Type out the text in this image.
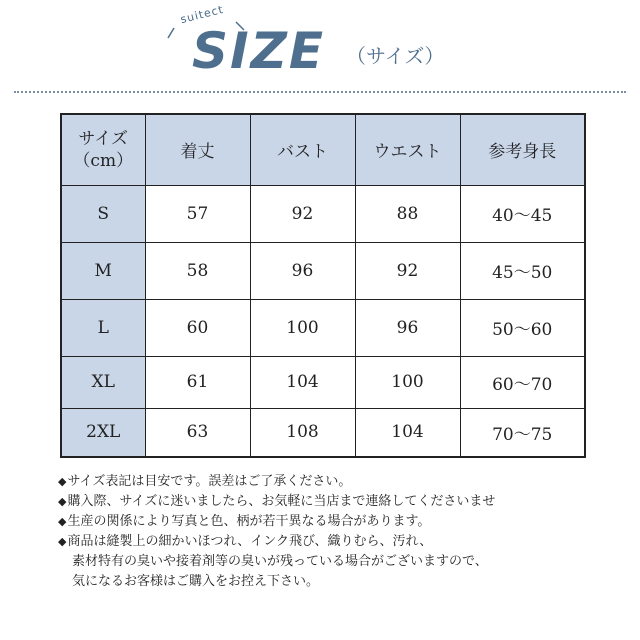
suitect
SIZE （サイズ）
サイズ
（cm）	着丈	バスト	ウエスト	参考身長
S	57	92	88	40～45
M	58	96	92	45～50
L	60	100	96	50～60
XL	61	104	100	60～70
2XL	63	108	104	70～75
◆サイズ表記は目安です。誤差はご了承ください。
◆購入際、サイズに迷いましたら、お気軽に当店まで連絡してくださいませ
◆生産の関係により写真と色、柄が若干異なる場合があります。
◆商品は縫製上の細かいほつれ、インク飛び、織りむら、汚れ、
素材特有の臭いや接着剤等の臭いが残っている場合がございますので、
気になるお客様はご購入をお控え下さい。
